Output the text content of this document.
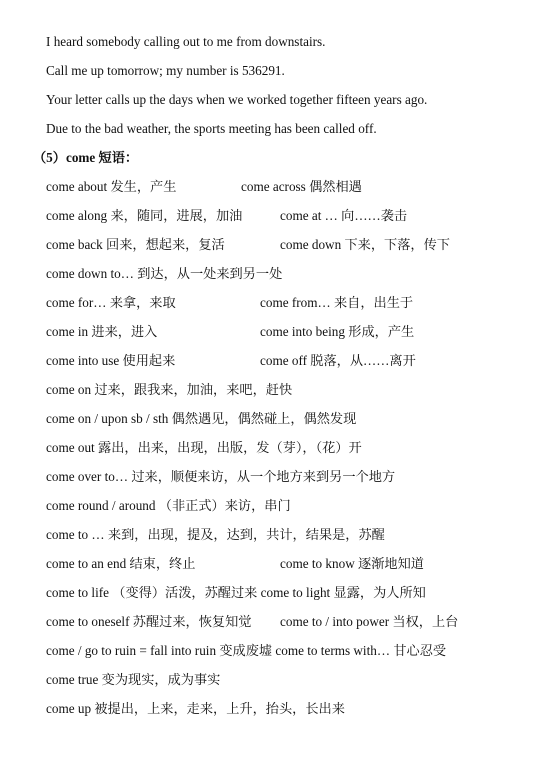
I heard somebody calling out to me from downstairs.
Call me up tomorrow; my number is 536291.
Your letter calls up the days when we worked together fifteen years ago.
Due to the bad weather, the sports meeting has been called off.
（5）come 短语：
come about 发生，产生	come across 偶然相遇
come along 来，随同，进展，加油	come at … 向……袭击
come back 回来，想起来，复活	come down 下来，下落，传下
come down to… 到达，从一处来到另一处
come for… 来拿，来取	come from… 来自，出生于
come in 进来，进入	come into being 形成，产生
come into use 使用起来	come off 脱落，从……离开
come on 过来，跟我来，加油，来吧，赶快
come on / upon sb / sth 偶然遇见，偶然碰上，偶然发现
come out 露出，出来，出现，出版，发（芽），（花）开
come over to… 过来，顺便来访，从一个地方来到另一个地方
come round / around （非正式）来访，串门
come to … 来到，出现，提及，达到，共计，结果是，苏醒
come to an end 结束，终止	come to know 逐渐地知道
come to life （变得）活泼，苏醒过来 come to light 显露，为人所知
come to oneself 苏醒过来，恢复知觉 come to / into power 当权，上台
come / go to ruin = fall into ruin 变成废墟 come to terms with… 甘心忍受
come true 变为现实，成为事实
come up 被提出，上来，走来，上升，抬头，长出来
